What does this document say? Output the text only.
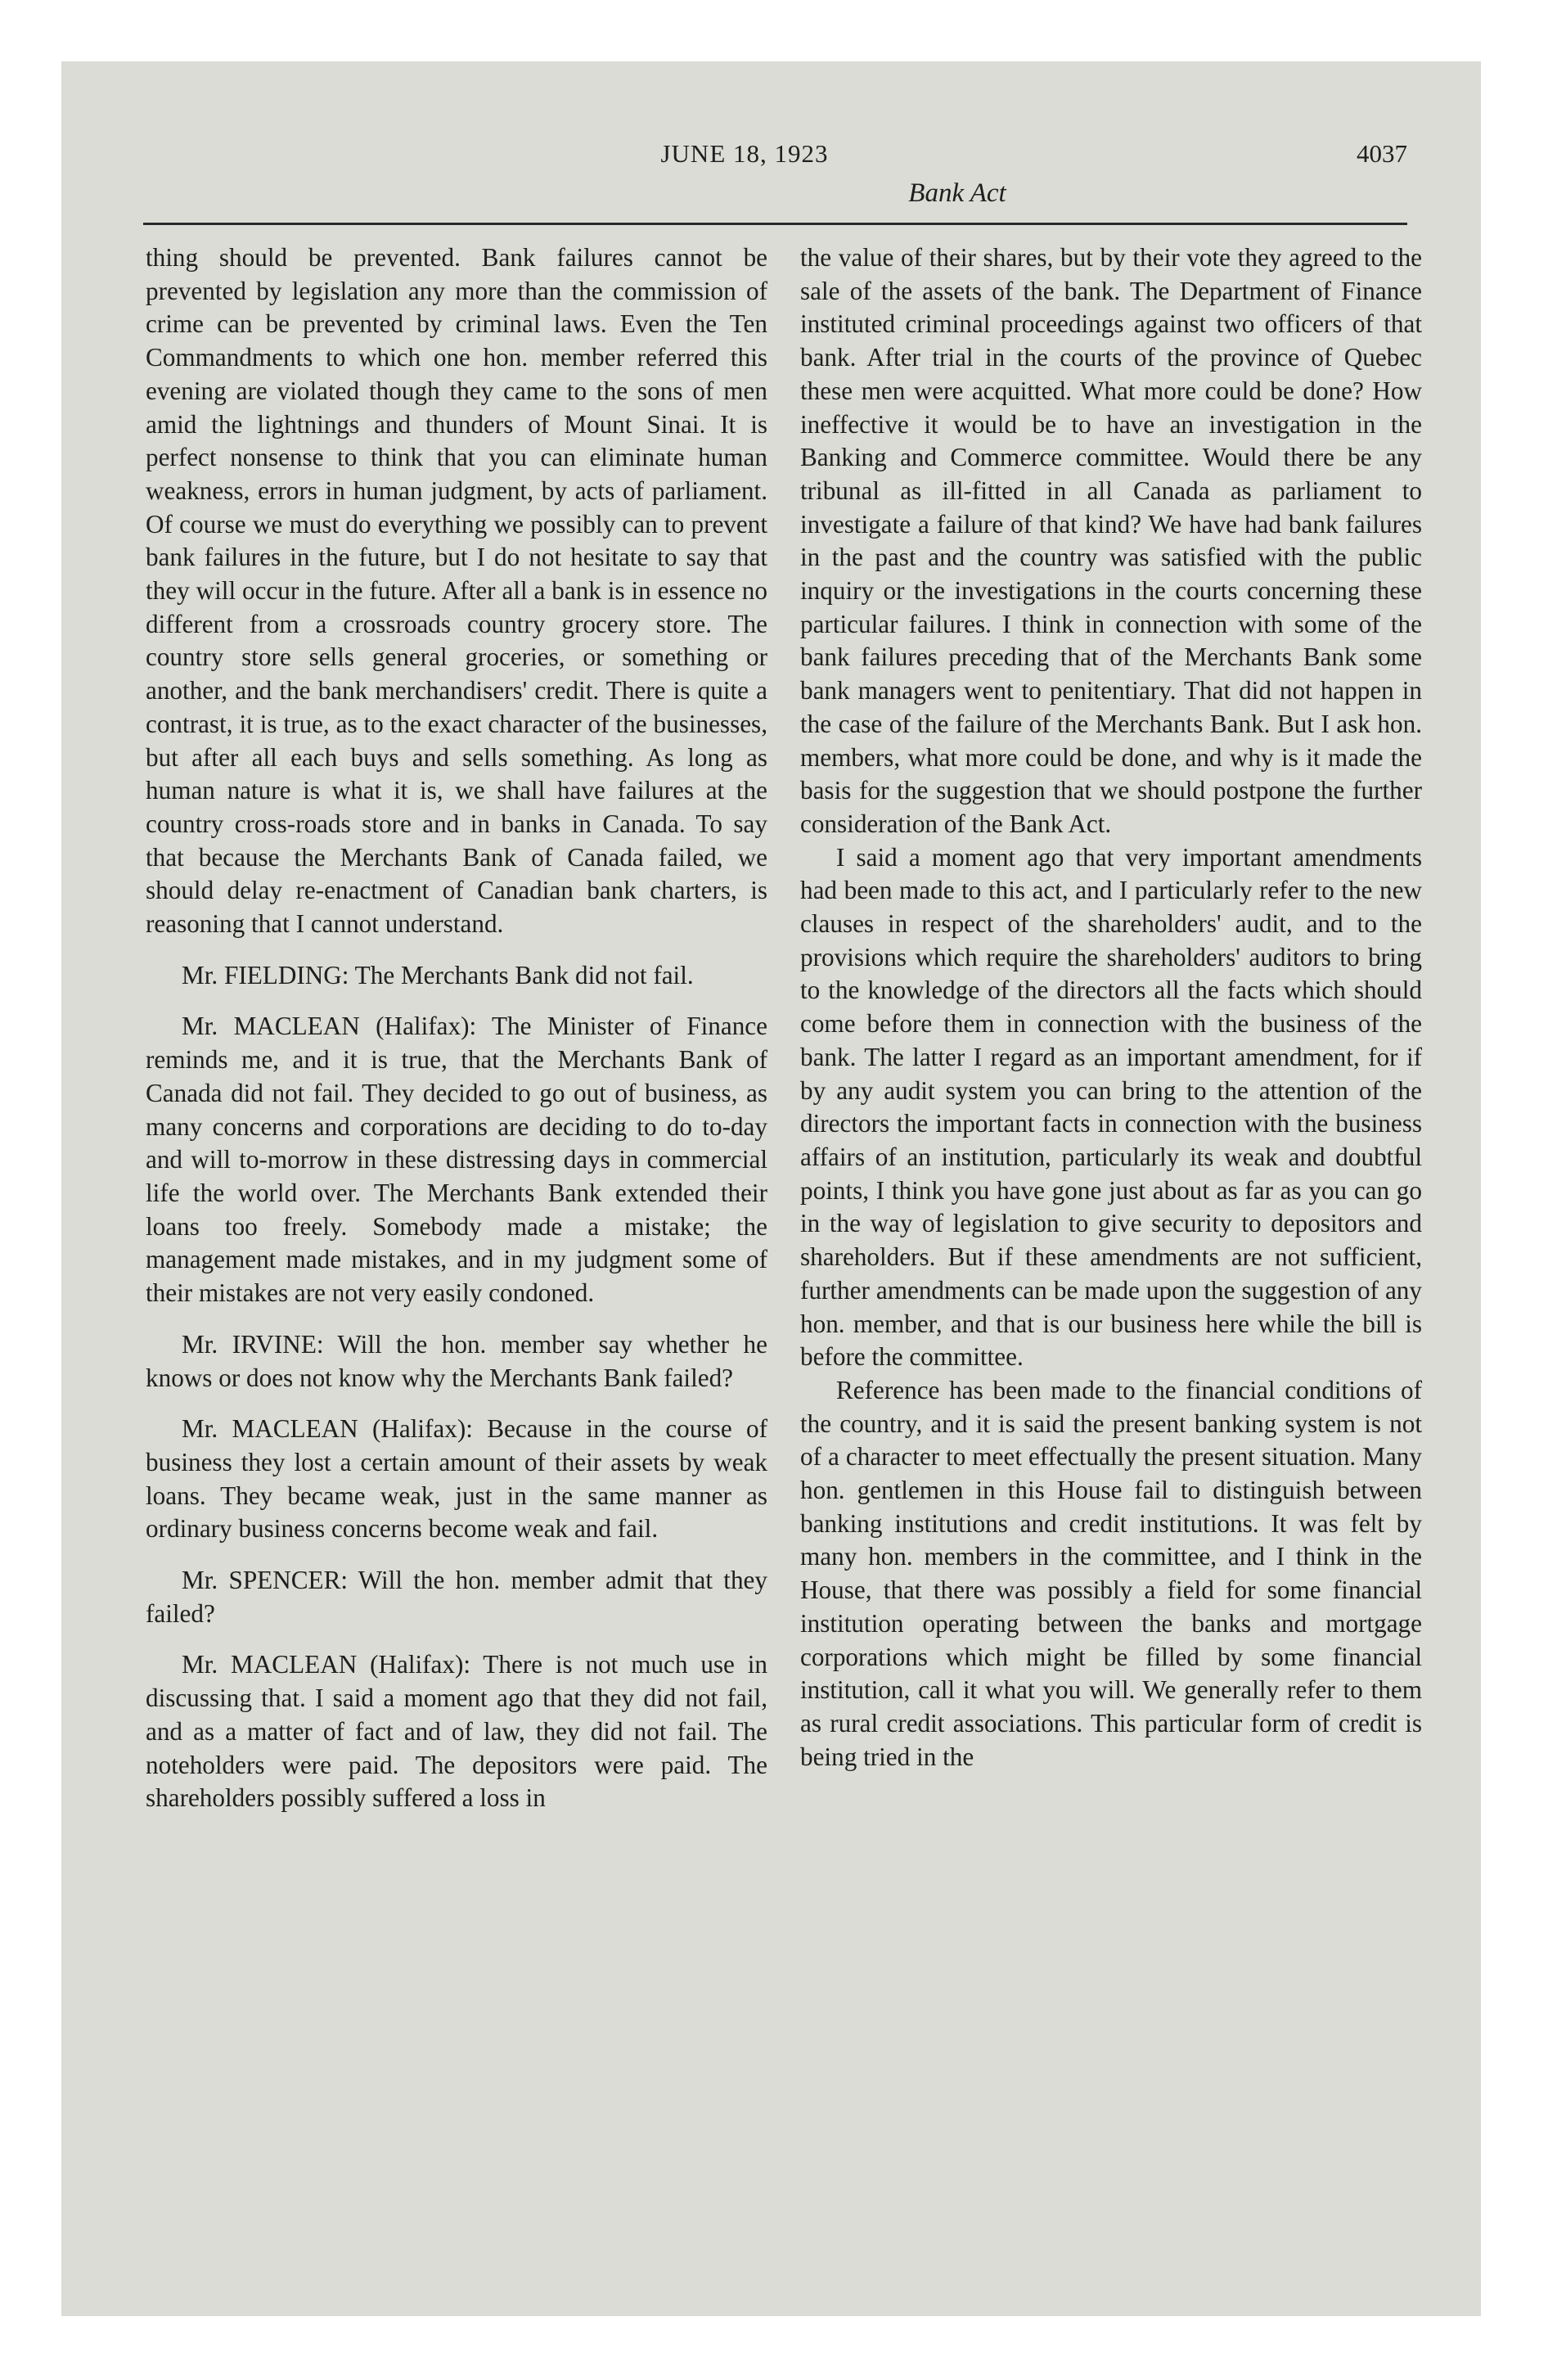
JUNE 18, 1923	4037
Bank Act

thing should be prevented. Bank failures cannot be prevented by legislation any more than the commission of crime can be prevented by criminal laws. Even the Ten Commandments to which one hon. member referred this evening are violated though they came to the sons of men amid the lightnings and thunders of Mount Sinai. It is perfect nonsense to think that you can eliminate human weakness, errors in human judgment, by acts of parliament. Of course we must do everything we possibly can to prevent bank failures in the future, but I do not hesitate to say that they will occur in the future. After all a bank is in essence no different from a crossroads country grocery store. The country store sells general groceries, or something or another, and the bank merchandisers' credit. There is quite a contrast, it is true, as to the exact character of the businesses, but after all each buys and sells something. As long as human nature is what it is, we shall have failures at the country cross-roads store and in banks in Canada. To say that because the Merchants Bank of Canada failed, we should delay re-enactment of Canadian bank charters, is reasoning that I cannot understand.

Mr. FIELDING: The Merchants Bank did not fail.

Mr. MACLEAN (Halifax): The Minister of Finance reminds me, and it is true, that the Merchants Bank of Canada did not fail. They decided to go out of business, as many concerns and corporations are deciding to do to-day and will to-morrow in these distressing days in commercial life the world over. The Merchants Bank extended their loans too freely. Somebody made a mistake; the management made mistakes, and in my judgment some of their mistakes are not very easily condoned.

Mr. IRVINE: Will the hon. member say whether he knows or does not know why the Merchants Bank failed?

Mr. MACLEAN (Halifax): Because in the course of business they lost a certain amount of their assets by weak loans. They became weak, just in the same manner as ordinary business concerns become weak and fail.

Mr. SPENCER: Will the hon. member admit that they failed?

Mr. MACLEAN (Halifax): There is not much use in discussing that. I said a moment ago that they did not fail, and as a matter of fact and of law, they did not fail. The noteholders were paid. The depositors were paid. The shareholders possibly suffered a loss in

the value of their shares, but by their vote they agreed to the sale of the assets of the bank. The Department of Finance instituted criminal proceedings against two officers of that bank. After trial in the courts of the province of Quebec these men were acquitted. What more could be done? How ineffective it would be to have an investigation in the Banking and Commerce committee. Would there be any tribunal as ill-fitted in all Canada as parliament to investigate a failure of that kind? We have had bank failures in the past and the country was satisfied with the public inquiry or the investigations in the courts concerning these particular failures. I think in connection with some of the bank failures preceding that of the Merchants Bank some bank managers went to penitentiary. That did not happen in the case of the failure of the Merchants Bank. But I ask hon. members, what more could be done, and why is it made the basis for the suggestion that we should postpone the further consideration of the Bank Act.

I said a moment ago that very important amendments had been made to this act, and I particularly refer to the new clauses in respect of the shareholders' audit, and to the provisions which require the shareholders' auditors to bring to the knowledge of the directors all the facts which should come before them in connection with the business of the bank. The latter I regard as an important amendment, for if by any audit system you can bring to the attention of the directors the important facts in connection with the business affairs of an institution, particularly its weak and doubtful points, I think you have gone just about as far as you can go in the way of legislation to give security to depositors and shareholders. But if these amendments are not sufficient, further amendments can be made upon the suggestion of any hon. member, and that is our business here while the bill is before the committee.

Reference has been made to the financial conditions of the country, and it is said the present banking system is not of a character to meet effectually the present situation. Many hon. gentlemen in this House fail to distinguish between banking institutions and credit institutions. It was felt by many hon. members in the committee, and I think in the House, that there was possibly a field for some financial institution operating between the banks and mortgage corporations which might be filled by some financial institution, call it what you will. We generally refer to them as rural credit associations. This particular form of credit is being tried in the
